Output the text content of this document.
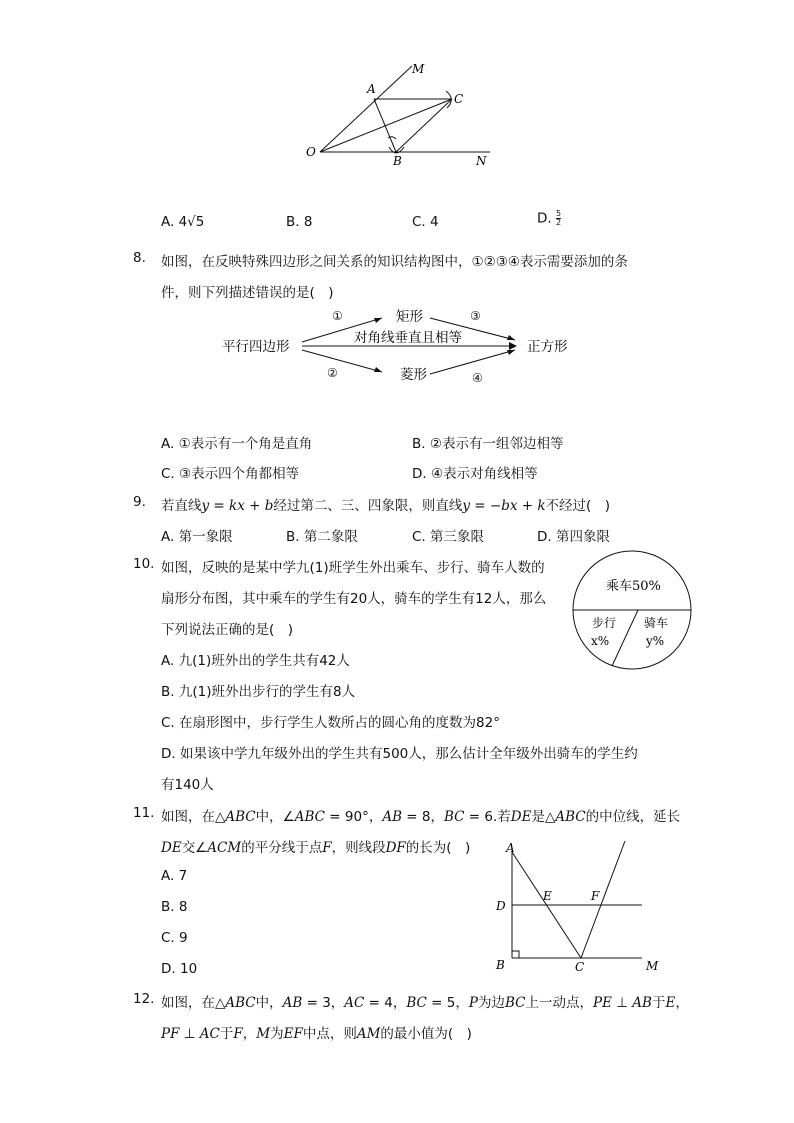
M
A
C
O
B	N
A. 4√5	B. 8	C. 4	D. $\frac{5}{2}$
8. 如图，在反映特殊四边形之间关系的知识结构图中，①②③④表示需要添加的条
件，则下列描述错误的是(　)
平行四边形
矩形
菱形
正方形
对角线垂直且相等
A. ①表示有一个角是直角	B. ②表示有一组邻边相等
C. ③表示四个角都相等	D. ④表示对角线相等
9. 若直线y = kx + b经过第二、三、四象限，则直线y = −bx + k不经过(　)
A. 第一象限	B. 第二象限	C. 第三象限	D. 第四象限
10. 如图，反映的是某中学九(1)班学生外出乘车、步行、骑车人数的
扇形分布图，其中乘车的学生有20人，骑车的学生有12人，那么
下列说法正确的是(　)
乘车50%
步行
x%
骑车
y%
A. 九(1)班外出的学生共有42人
B. 九(1)班外出步行的学生有8人
C. 在扇形图中，步行学生人数所占的圆心角的度数为82°
D. 如果该中学九年级外出的学生共有500人，那么估计全年级外出骑车的学生约
有140人
11. 如图，在△ABC中，∠ABC = 90°，AB = 8，BC = 6.若DE是△ABC的中位线，延长
DE交∠ACM的平分线于点F，则线段DF的长为(　)
A. 7
B. 8
C. 9
D. 10
A
D
E	F
B	C	M
12. 如图，在△ABC中，AB = 3，AC = 4，BC = 5，P为边BC上一动点，PE ⊥ AB于E，
PF ⊥ AC于F，M为EF中点，则AM的最小值为(　)
①
②
③
④
